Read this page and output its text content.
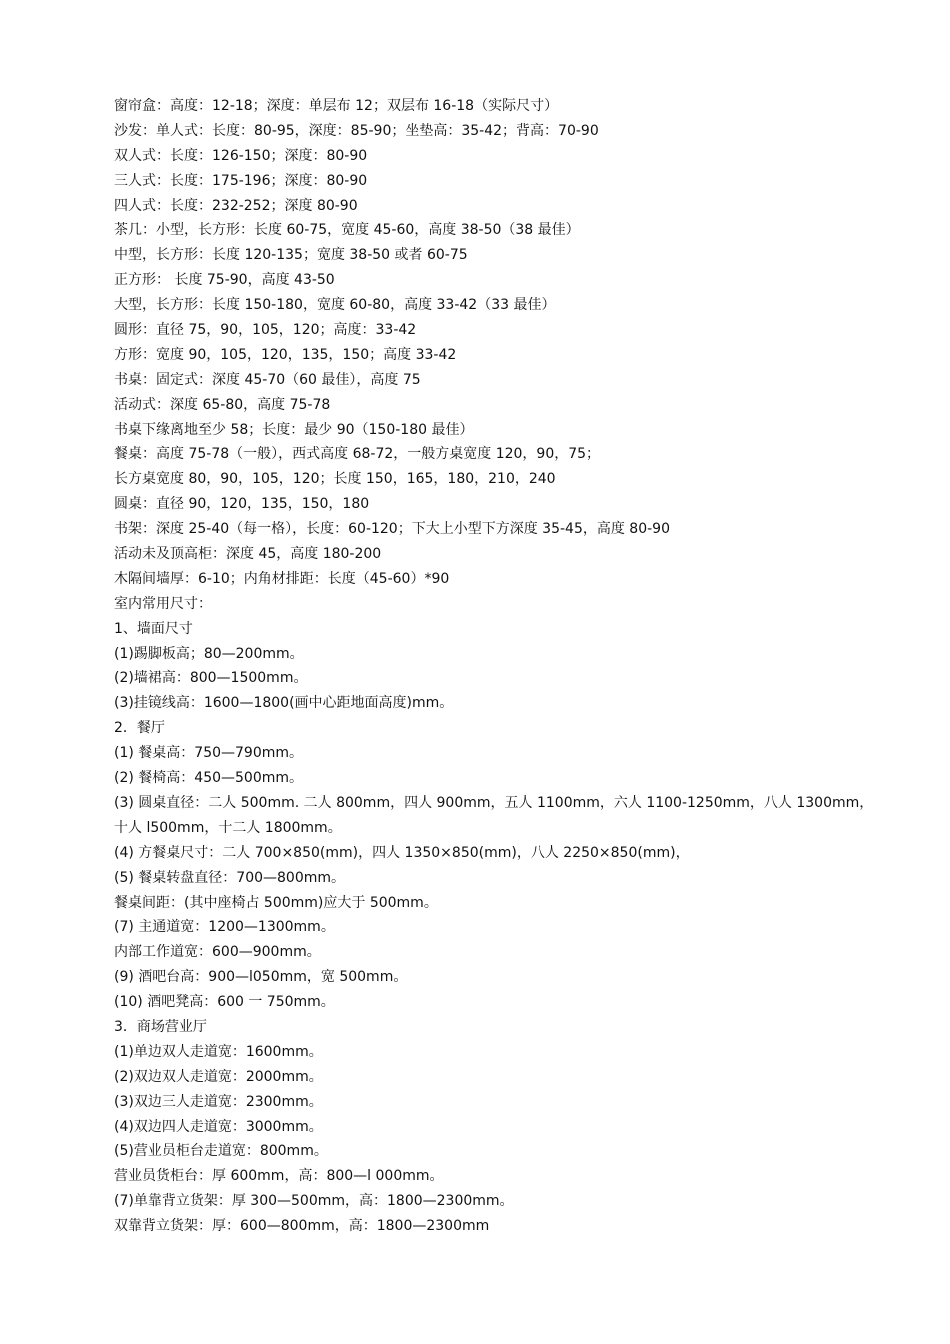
窗帘盒：高度：12-18；深度：单层布 12；双层布 16-18（实际尺寸）
沙发：单人式：长度：80-95，深度：85-90；坐垫高：35-42；背高：70-90
双人式：长度：126-150；深度：80-90
三人式：长度：175-196；深度：80-90
四人式：长度：232-252；深度 80-90
茶几：小型，长方形：长度 60-75，宽度 45-60，高度 38-50（38 最佳）
中型，长方形：长度 120-135；宽度 38-50 或者 60-75
正方形： 长度 75-90，高度 43-50
大型，长方形：长度 150-180，宽度 60-80，高度 33-42（33 最佳）
圆形：直径 75，90，105，120；高度：33-42
方形：宽度 90，105，120，135，150；高度 33-42
书桌：固定式：深度 45-70（60 最佳），高度 75
活动式：深度 65-80，高度 75-78
书桌下缘离地至少 58；长度：最少 90（150-180 最佳）
餐桌：高度 75-78（一般），西式高度 68-72，一般方桌宽度 120，90，75；
长方桌宽度 80，90，105，120；长度 150，165，180，210，240
圆桌：直径 90，120，135，150，180
书架：深度 25-40（每一格），长度：60-120；下大上小型下方深度 35-45，高度 80-90
活动未及顶高柜：深度 45，高度 180-200
木隔间墙厚：6-10；内角材排距：长度（45-60）*90
室内常用尺寸：
1、墙面尺寸
(1)踢脚板高；80—200mm。
(2)墙裙高：800—1500mm。
(3)挂镜线高：1600—1800(画中心距地面高度)mm。
2．餐厅
(1) 餐桌高：750—790mm。
(2) 餐椅高：450—500mm。
(3) 圆桌直径：二人 500mm. 二人 800mm，四人 900mm，五人 1100mm，六人 1100-1250mm，八人 1300mm，
十人 l500mm，十二人 1800mm。
(4) 方餐桌尺寸：二人 700×850(mm)，四人 1350×850(mm)，八人 2250×850(mm)，
(5) 餐桌转盘直径：700—800mm。
餐桌间距：(其中座椅占 500mm)应大于 500mm。
(7) 主通道宽：1200—1300mm。
内部工作道宽：600—900mm。
(9) 酒吧台高：900—l050mm，宽 500mm。
(10) 酒吧凳高：600 一 750mm。
3．商场营业厅
(1)单边双人走道宽：1600mm。
(2)双边双人走道宽：2000mm。
(3)双边三人走道宽：2300mm。
(4)双边四人走道宽：3000mm。
(5)营业员柜台走道宽：800mm。
营业员货柜台：厚 600mm，高：800—l 000mm。
(7)单靠背立货架：厚 300—500mm，高：1800—2300mm。
双靠背立货架：厚：600—800mm，高：1800—2300mm
